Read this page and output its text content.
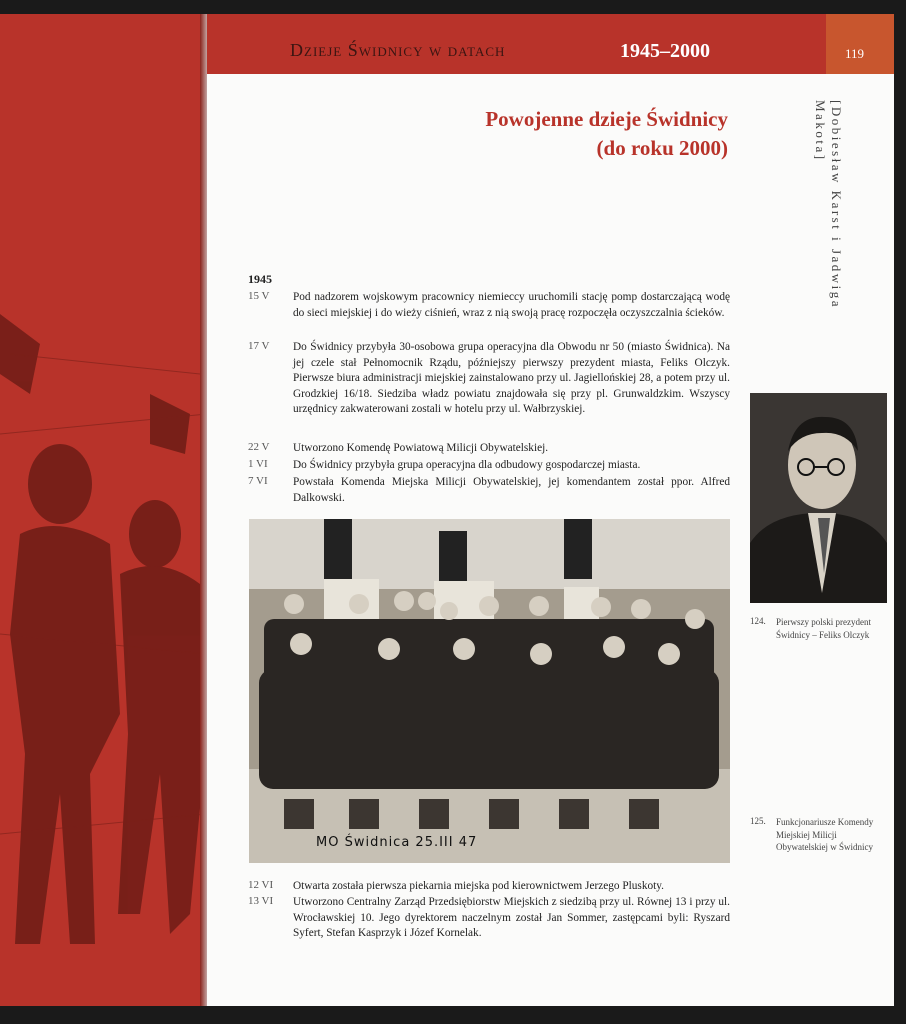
Dzieje Świdnicy w datach	1945–2000	119
Powojenne dzieje Świdnicy
(do roku 2000)	[Dobiesław Karst i Jadwiga Makota]
1945
15 V	Pod nadzorem wojskowym pracownicy niemieccy uruchomili stację pomp dostarczającą wodę do sieci miejskiej i do wieży ciśnień, wraz z nią swoją pracę rozpoczęła oczyszczalnia ścieków.
17 V	Do Świdnicy przybyła 30-osobowa grupa operacyjna dla Obwodu nr 50 (miasto Świdnica). Na jej czele stał Pełnomocnik Rządu, późniejszy pierwszy prezydent miasta, Feliks Olczyk. Pierwsze biura administracji miejskiej zainstalowano przy ul. Jagiellońskiej 28, a potem przy ul. Grodzkiej 16/18. Siedziba władz powiatu znajdowała się przy pl. Grunwaldzkim. Wszyscy urzędnicy zakwaterowani zostali w hotelu przy ul. Wałbrzyskiej.
22 V	Utworzono Komendę Powiatową Milicji Obywatelskiej.
1 VI	Do Świdnicy przybyła grupa operacyjna dla odbudowy gospodarczej miasta.
7 VI	Powstała Komenda Miejska Milicji Obywatelskiej, jej komendantem został ppor. Alfred Dalkowski.
MO Świdnica 25.III 47
124. Pierwszy polski prezydent Świdnicy – Feliks Olczyk
125. Funkcjonariusze Komendy Miejskiej Milicji Obywatelskiej w Świdnicy
12 VI	Otwarta została pierwsza piekarnia miejska pod kierownictwem Jerzego Pluskoty.
13 VI	Utworzono Centralny Zarząd Przedsiębiorstw Miejskich z siedzibą przy ul. Równej 13 i przy ul. Wrocławskiej 10. Jego dyrektorem naczelnym został Jan Sommer, zastępcami byli: Ryszard Syfert, Stefan Kasprzyk i Józef Kornelak.
